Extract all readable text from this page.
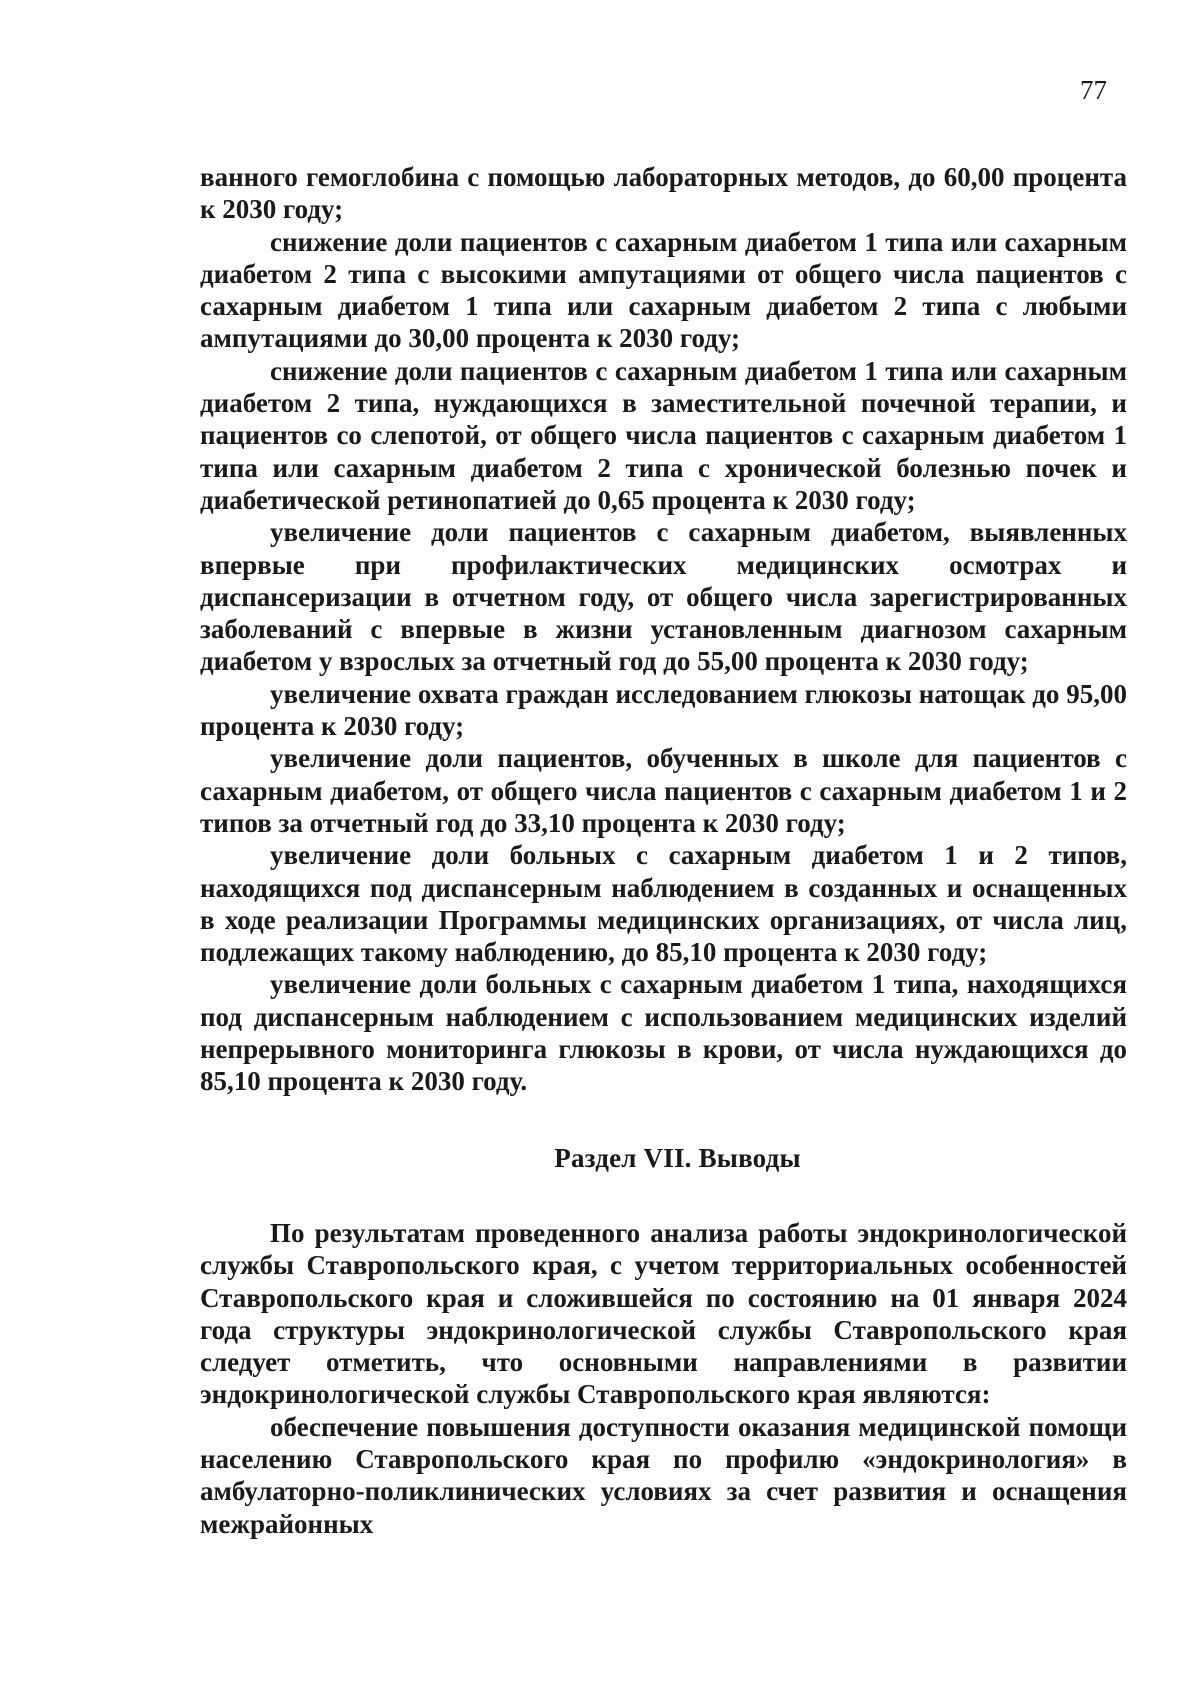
77

ванного гемоглобина с помощью лабораторных методов, до 60,00 процента к 2030 году;

снижение доли пациентов с сахарным диабетом 1 типа или сахарным диабетом 2 типа с высокими ампутациями от общего числа пациентов с сахарным диабетом 1 типа или сахарным диабетом 2 типа с любыми ампутациями до 30,00 процента к 2030 году;

снижение доли пациентов с сахарным диабетом 1 типа или сахарным диабетом 2 типа, нуждающихся в заместительной почечной терапии, и пациентов со слепотой, от общего числа пациентов с сахарным диабетом 1 типа или сахарным диабетом 2 типа с хронической болезнью почек и диабетической ретинопатией до 0,65 процента к 2030 году;

увеличение доли пациентов с сахарным диабетом, выявленных впервые при профилактических медицинских осмотрах и диспансеризации в отчетном году, от общего числа зарегистрированных заболеваний с впервые в жизни установленным диагнозом сахарным диабетом у взрослых за отчетный год до 55,00 процента к 2030 году;

увеличение охвата граждан исследованием глюкозы натощак до 95,00 процента к 2030 году;

увеличение доли пациентов, обученных в школе для пациентов с сахарным диабетом, от общего числа пациентов с сахарным диабетом 1 и 2 типов за отчетный год до 33,10 процента к 2030 году;

увеличение доли больных с сахарным диабетом 1 и 2 типов, находящихся под диспансерным наблюдением в созданных и оснащенных в ходе реализации Программы медицинских организациях, от числа лиц, подлежащих такому наблюдению, до 85,10 процента к 2030 году;

увеличение доли больных с сахарным диабетом 1 типа, находящихся под диспансерным наблюдением с использованием медицинских изделий непрерывного мониторинга глюкозы в крови, от числа нуждающихся до 85,10 процента к 2030 году.

Раздел VII. Выводы

По результатам проведенного анализа работы эндокринологической службы Ставропольского края, с учетом территориальных особенностей Ставропольского края и сложившейся по состоянию на 01 января 2024 года структуры эндокринологической службы Ставропольского края следует отметить, что основными направлениями в развитии эндокринологической службы Ставропольского края являются:

обеспечение повышения доступности оказания медицинской помощи населению Ставропольского края по профилю «эндокринология» в амбулаторно-поликлинических условиях за счет развития и оснащения межрайонных
